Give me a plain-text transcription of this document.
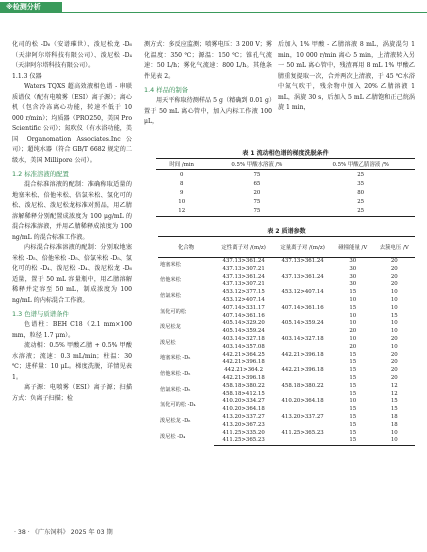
※检测分析

化司的松 -D₆（安谱璀世）、泼尼松龙 -D₆（天津阿尔塔科技有限公司）、泼尼松 -D₄（天津阿尔塔科技有限公司）。

1.1.3 仪器

Waters TQXS 超高效液相色谱 - 串联质谱仪（配有电喷雾（ESI）离子源）；离心机（包含冷冻离心功能，转速不低于 10 000 r/min）；均质器（PRO250，美国 Pro Scientific 公司）；氮吹仪（有水浴功能，美国 Organomation Associates.Inc 公司）；超纯水器（符合 GB/T 6682 规定的二级水，美国 Millipore 公司）。

1.2 标准溶液的配置

混合标准溶液的配制：准确称取适量的地塞米松、倍他米松、倍氯米松、氢化可的松、泼尼松、泼尼松龙标准对照品，用乙腈溶解稀释分别配置成浓度为 100 μg/mL 的混合标准溶液，并用乙腈稀释成浓度为 100 ng/mL 的混合标准工作液。

内标混合标准溶液的配制：分别取地塞米松 -D₅、倍他米松 -D₅、倍氯米松 -D₅、氢化可的松 -D₄、泼尼松 -D₄、泼尼松龙 -D₆ 适量，置于 50 mL 容量瓶中，用乙腈溶解稀释并定容至 50 mL，制成浓度为 100 ng/mL 的内标混合工作液。

1.3 色谱与质谱条件

色谱柱：BEH C18（2.1 mm×100 mm，粒径 1.7 μm）。

流动相：0.5% 甲酸乙腈 + 0.5% 甲酸水溶液；流速：0.3 mL/min；柱温：30 ℃；进样量：10 μL。梯度洗脱，详情见表 1。

离子源：电喷雾（ESI）离子源；扫描方式：负离子扫描；检

测方式：多反应监测；喷雾电压：3 200 V；雾化温度：350 ℃；源温：150 ℃；锥孔气流速：50 L/h；雾化气流速：800 L/h。其他条件见表 2。

1.4 样品的制备

用天平称取待测样品 5 g（精确到 0.01 g）置于 50 mL 离心管中，加入内标工作液 100 μL，

后加入 1% 甲酸 - 乙腈溶液 8 mL，涡旋混匀 1 min，10 000 r/min 离心 5 min，上清液转入另一 50 mL 离心管中，残渣再用 8 mL 1% 甲酸乙腈重复提取一次，合并两次上清液，于 45 ℃水浴中氮气吹干，残余物中加入 20% 乙腈溶液 1 mL，涡旋 30 s，后加入 5 mL 乙腈饱和正己烷涡旋 1 min，

表 1 流动相色谱的梯度洗脱条件
时间 /min	0.5% 甲酸水溶液 /%	0.5% 甲酸乙腈溶液 /%
0	75	25
8	65	35
9	20	80
10	75	25
12	75	25
表 2 质谱参数
化合物	定性离子对 /(m/z)	定量离子对 /(m/z)	碰撞能量 /V	去簇电压 /V
地塞米松	437.13>361.24	437.13>361.24	30	20
	437.13>307.21		30	20
倍他米松	437.13>361.24	437.13>361.24	30	20
	437.13>307.21		30	20
倍氯米松	453.12>377.15	453.12>407.14	15	10
	453.12>407.14		10	10
氢化可的松	407.14>331.17	407.14>361.16	15	10
	407.14>361.16		10	15
泼尼松龙	405.14>329.20	405.14>359.24	10	10
	405.14>359.24		20	10
泼尼松	403.14>327.18	403.14>327.18	10	20
	403.14>357.08		20	10
地塞米松 -D₅	442.21>364.25	442.21>396.18	15	20
	442.21>396.18		15	20
倍他米松 -D₅	442.21>364.2	442.21>396.18	15	20
	442.21>396.18		15	20
倍氯米松 -D₅	458.18>380.22	458.18>380.22	15	12
	458.18>412.15		15	12
氢化可的松 -D₄	410.20>334.27	410.20>364.18	10	15
	410.20>364.18		15	15
泼尼松龙 -D₆	413.20>337.27	413.20>337.27	15	18
	413.20>367.23		15	18
泼尼松 -D₄	411.25>335.20	411.25>365.23	15	10
	411.25>365.23		15	10
· 38 · 《广东饲料》 2025 年 03 期
